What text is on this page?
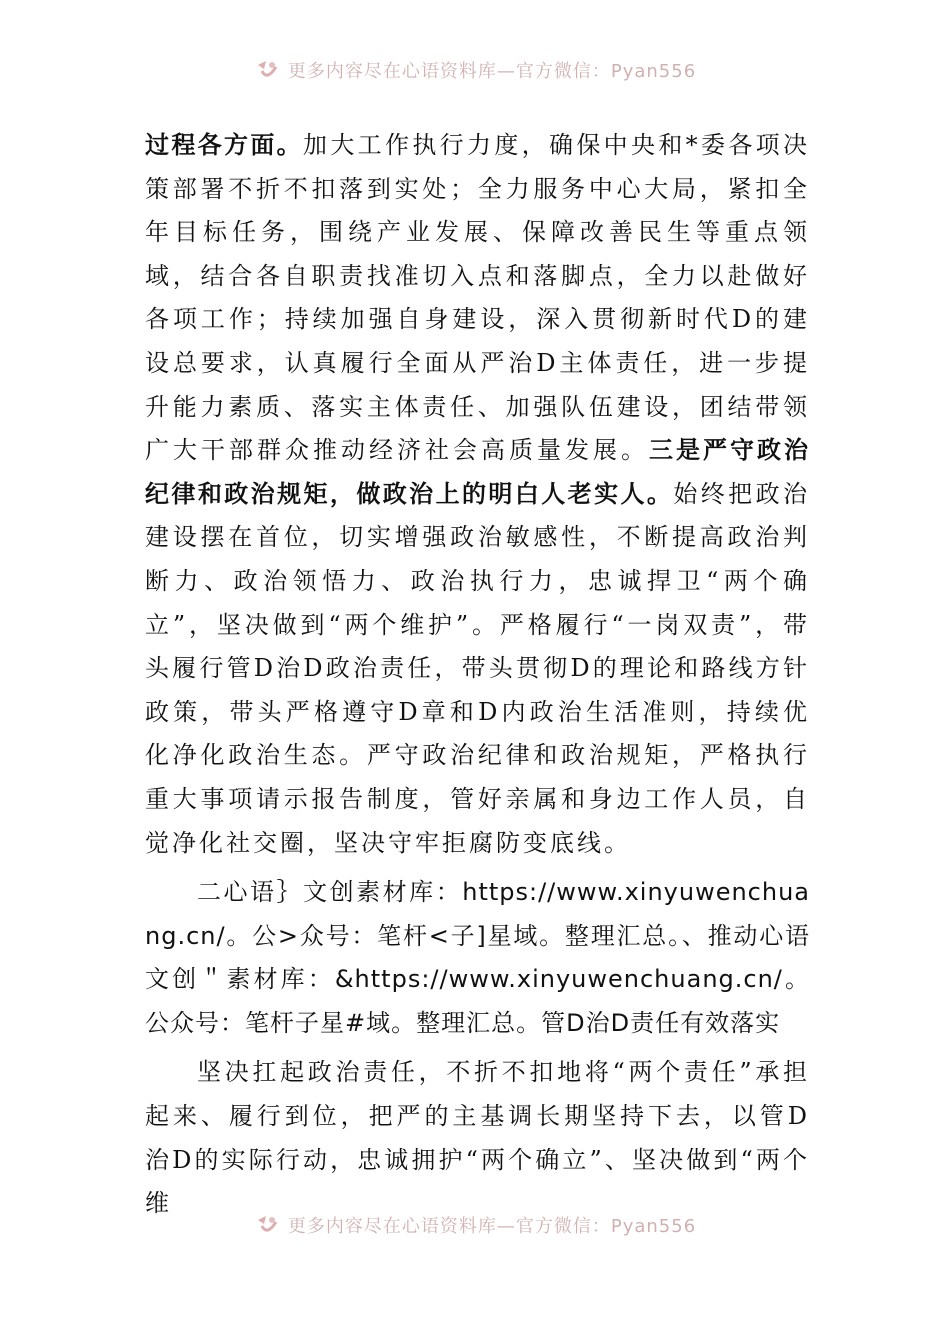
更多内容尽在心语资料库—官方微信：Pyan556

过程各方面。加大工作执行力度，确保中央和*委各项决策部署不折不扣落到实处；全力服务中心大局，紧扣全年目标任务，围绕产业发展、保障改善民生等重点领域，结合各自职责找准切入点和落脚点，全力以赴做好各项工作；持续加强自身建设，深入贯彻新时代D的建设总要求，认真履行全面从严治D主体责任，进一步提升能力素质、落实主体责任、加强队伍建设，团结带领广大干部群众推动经济社会高质量发展。三是严守政治纪律和政治规矩，做政治上的明白人老实人。始终把政治建设摆在首位，切实增强政治敏感性，不断提高政治判断力、政治领悟力、政治执行力，忠诚捍卫“两个确立”，坚决做到“两个维护”。严格履行“一岗双责”，带头履行管D治D政治责任，带头贯彻D的理论和路线方针政策，带头严格遵守D章和D内政治生活准则，持续优化净化政治生态。严守政治纪律和政治规矩，严格执行重大事项请示报告制度，管好亲属和身边工作人员，自觉净化社交圈，坚决守牢拒腐防变底线。

二心语｝文创素材库：https://www.xinyuwenchuang.cn/。公>众号：笔杆<子]星域。整理汇总。、推动心语文创＂素材库：&https://www.xinyuwenchuang.cn/。公众号：笔杆子星#域。整理汇总。管D治D责任有效落实

坚决扛起政治责任，不折不扣地将“两个责任”承担起来、履行到位，把严的主基调长期坚持下去，以管D治D的实际行动，忠诚拥护“两个确立”、坚决做到“两个维

更多内容尽在心语资料库—官方微信：Pyan556
